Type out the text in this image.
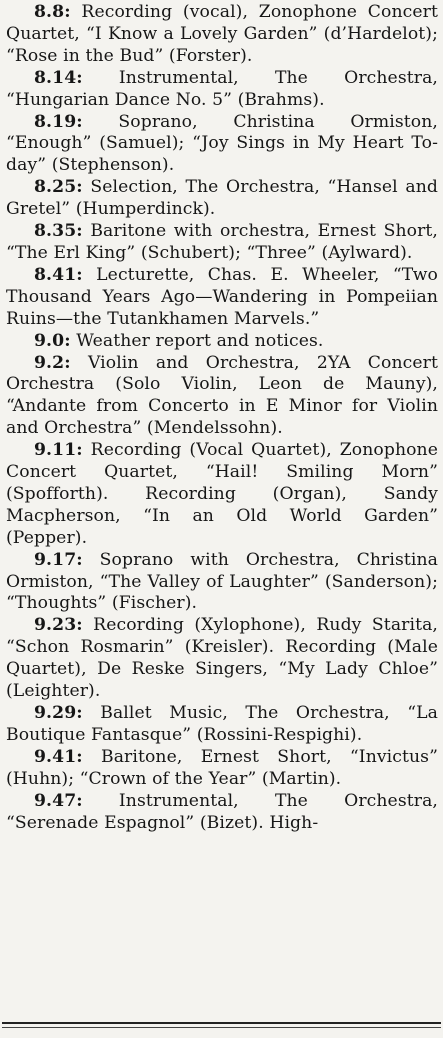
8.8: Recording (vocal), Zonophone Concert Quartet, “I Know a Lovely Garden” (d’Hardelot); “Rose in the Bud” (Forster).

8.14: Instrumental, The Orchestra, “Hungarian Dance No. 5” (Brahms).

8.19: Soprano, Christina Ormiston, “Enough” (Samuel); “Joy Sings in My Heart To-day” (Stephenson).

8.25: Selection, The Orchestra, “Hansel and Gretel” (Humperdinck).

8.35: Baritone with orchestra, Ernest Short, “The Erl King” (Schubert); “Three” (Aylward).

8.41: Lecturette, Chas. E. Wheeler, “Two Thousand Years Ago—Wandering in Pompeiian Ruins—the Tutankhamen Marvels.”

9.0: Weather report and notices.

9.2: Violin and Orchestra, 2YA Concert Orchestra (Solo Violin, Leon de Mauny), “Andante from Concerto in E Minor for Violin and Orchestra” (Mendelssohn).

9.11: Recording (Vocal Quartet), Zonophone Concert Quartet, “Hail! Smiling Morn” (Spofforth). Recording (Organ), Sandy Macpherson, “In an Old World Garden” (Pepper).

9.17: Soprano with Orchestra, Christina Ormiston, “The Valley of Laughter” (Sanderson); “Thoughts” (Fischer).

9.23: Recording (Xylophone), Rudy Starita, “Schon Rosmarin” (Kreisler). Recording (Male Quartet), De Reske Singers, “My Lady Chloe” (Leighter).

9.29: Ballet Music, The Orchestra, “La Boutique Fantasque” (Rossini-Respighi).

9.41: Baritone, Ernest Short, “Invictus” (Huhn); “Crown of the Year” (Martin).

9.47: Instrumental, The Orchestra, “Serenade Espagnol” (Bizet). High-
